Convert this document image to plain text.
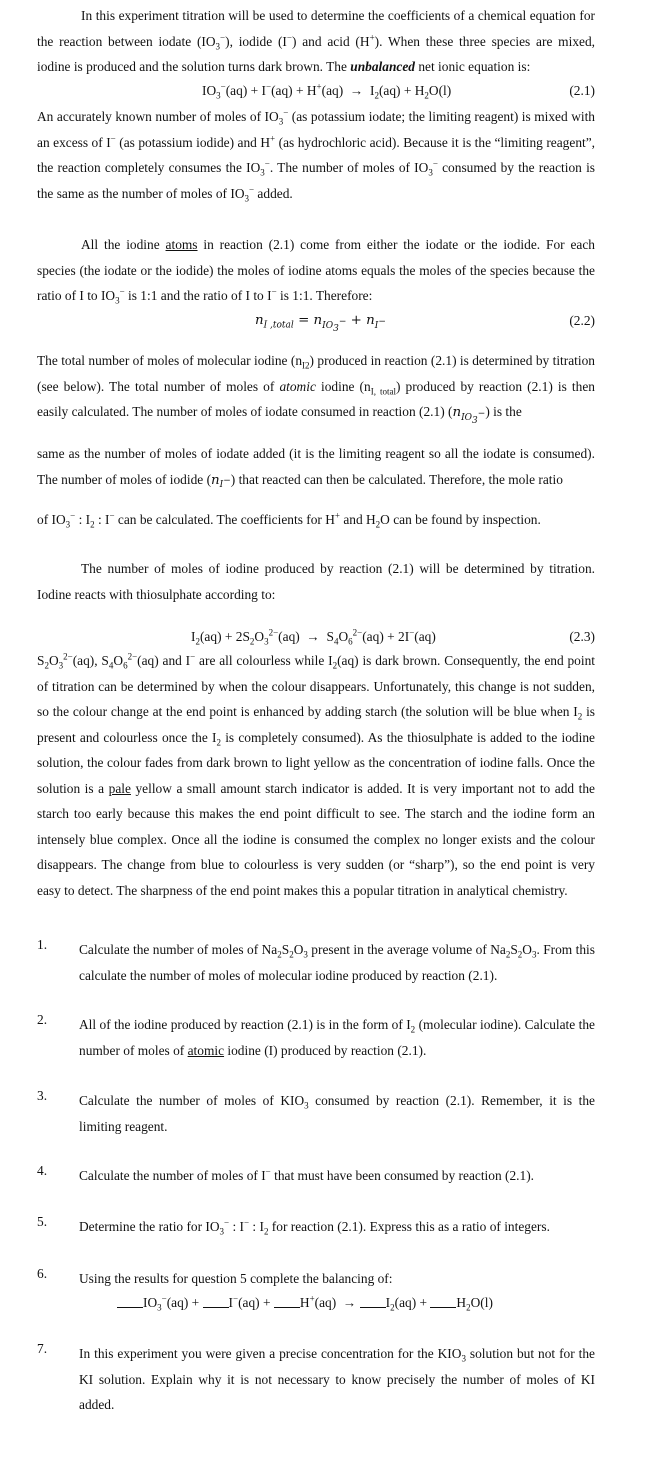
In this experiment titration will be used to determine the coefficients of a chemical equation for the reaction between iodate $(IO_3^-)$, iodide (I−) and acid (H+). When these three species are mixed, iodine is produced and the solution turns dark brown. The unbalanced net ionic equation is:

$IO_3^-(aq) + I^-(aq) + H^+(aq) \to I_2(aq) + H_2O(l)$	(2.1)

An accurately known number of moles of $IO_3^-$ (as potassium iodate; the limiting reagent) is mixed with an excess of I− (as potassium iodide) and H+ (as hydrochloric acid). Because it is the “limiting reagent”, the reaction completely consumes the $IO_3^-$. The number of moles of $IO_3^-$ consumed by the reaction is the same as the number of moles of $IO_3^-$ added.

All the iodine atoms in reaction (2.1) come from either the iodate or the iodide. For each species (the iodate or the iodide) the moles of iodine atoms equals the moles of the species because the ratio of I to $IO_3^-$ is 1:1 and the ratio of I to I− is 1:1. Therefore:

$n_{I ,total} = n_{IO_3^-} + n_{I^-}$	(2.2)

The total number of moles of molecular iodine $(n_{I2})$ produced in reaction (2.1) is determined by titration (see below). The total number of moles of atomic iodine $(n_{I, total})$ produced by reaction (2.1) is then easily calculated. The number of moles of iodate consumed in reaction (2.1) $(n_{IO_3^-})$ is the

same as the number of moles of iodate added (it is the limiting reagent so all the iodate is consumed). The number of moles of iodide $(n_{I^-})$ that reacted can then be calculated. Therefore, the mole ratio

of $IO_3^-$ : $I_2$ : I− can be calculated. The coefficients for H+ and $H_2O$ can be found by inspection.

The number of moles of iodine produced by reaction (2.1) will be determined by titration. Iodine reacts with thiosulphate according to:

$I_2(aq) + 2S_2O_3^{2-}(aq) \to S_4O_6^{2-}(aq) + 2I^-(aq)$	(2.3)

$S_2O_3^{2-}(aq)$, $S_4O_6^{2-}(aq)$ and I− are all colourless while $I_2(aq)$ is dark brown. Consequently, the end point of titration can be determined by when the colour disappears. Unfortunately, this change is not sudden, so the colour change at the end point is enhanced by adding starch (the solution will be blue when $I_2$ is present and colourless once the $I_2$ is completely consumed). As the thiosulphate is added to the iodine solution, the colour fades from dark brown to light yellow as the concentration of iodine falls. Once the solution is a pale yellow a small amount starch indicator is added. It is very important not to add the starch too early because this makes the end point difficult to see. The starch and the iodine form an intensely blue complex. Once all the iodine is consumed the complex no longer exists and the colour disappears. The change from blue to colourless is very sudden (or “sharp”), so the end point is very easy to detect. The sharpness of the end point makes this a popular titration in analytical chemistry.

1. Calculate the number of moles of $Na_2S_2O_3$ present in the average volume of $Na_2S_2O_3$. From this calculate the number of moles of molecular iodine produced by reaction (2.1).

2. All of the iodine produced by reaction (2.1) is in the form of $I_2$ (molecular iodine). Calculate the number of moles of atomic iodine (I) produced by reaction (2.1).

3. Calculate the number of moles of $KIO_3$ consumed by reaction (2.1). Remember, it is the limiting reagent.

4. Calculate the number of moles of I− that must have been consumed by reaction (2.1).

5. Determine the ratio for $IO_3^-$ : I− : $I_2$ for reaction (2.1). Express this as a ratio of integers.

6. Using the results for question 5 complete the balancing of:

$IO_3^-(aq) + I^-(aq) + H^+(aq) \to I_2(aq) + H_2O(l)$
7. In this experiment you were given a precise concentration for the $KIO_3$ solution but not for the KI solution. Explain why it is not necessary to know precisely the number of moles of KI added.
